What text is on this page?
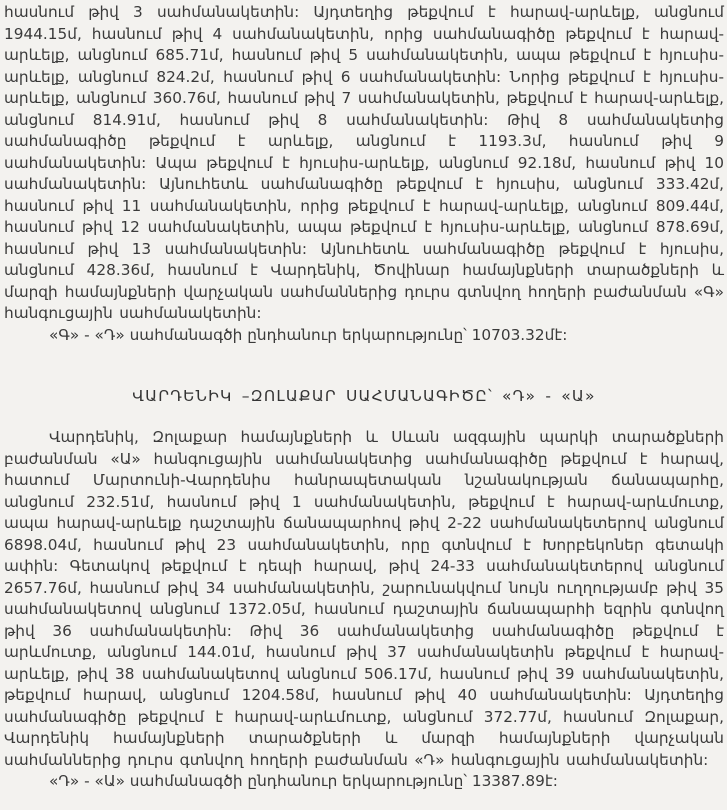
հասնում թիվ 3 սահմանակետին: Այդտեղից թեքվում է հարավ-արևելք, անցնում 1944.15մ, հասնում թիվ 4 սահմանակետին, որից սահմանագիծը թեքվում է հարավ-արևելք, անցնում 685.71մ, հասնում թիվ 5 սահմանակետին, ապա թեքվում է հյուսիս-արևելք, անցնում 824.2մ, հասնում թիվ 6 սահմանակետին: Նորից թեքվում է հյուսիս-արևելք, անցնում 360.76մ, հասնում թիվ 7 սահմանակետին, թեքվում է հարավ-արևելք, անցնում 814.91մ, հասնում թիվ 8 սահմանակետին: Թիվ 8 սահմանակետից սահմանագիծը թեքվում է արևելք, անցնում է 1193.3մ, հասնում թիվ 9 սահմանակետին: Ապա թեքվում է հյուսիս-արևելք, անցնում 92.18մ, հասնում թիվ 10 սահմանակետին: Այնուհետև սահմանագիծը թեքվում է հյուսիս, անցնում 333.42մ, հասնում թիվ 11 սահմանակետին, որից թեքվում է հարավ-արևելք, անցնում 809.44մ, հասնում թիվ 12 սահմանակետին, ապա թեքվում է հյուսիս-արևելք, անցնում 878.69մ, հասնում թիվ 13 սահմանակետին: Այնուհետև սահմանագիծը թեքվում է հյուսիս, անցնում 428.36մ, հասնում է Վարդենիկ, Ծովինար համայնքների տարածքների և մարզի համայնքների վարչական սահմաններից դուրս գտնվող հողերի բաժանման «Գ» հանգուցային սահմանակետին:

«Գ» - «Դ» սահմանագծի ընդհանուր երկարությունը՝ 10703.32մէ:

ՎԱՐԴԵՆԻԿ –ԶՈԼԱՔԱՐ ՍԱՀՄԱՆԱԳԻԾԸ՝ «Դ» - «Ա»

Վարդենիկ, Զոլաքար համայնքների և Սևան ազգային պարկի տարածքների բաժանման «Ա» հանգուցային սահմանակետից սահմանագիծը թեքվում է հարավ, հատում Մարտունի-Վարդենիս հանրապետական նշանակության ճանապարհը, անցնում 232.51մ, հասնում թիվ 1 սահմանակետին, թեքվում է հարավ-արևմուտք, ապա հարավ-արևելք դաշտային ճանապարհով թիվ 2-22 սահմանակետերով անցնում 6898.04մ, հասնում թիվ 23 սահմանակետին, որը գտնվում է Խորբեկոներ գետակի ափին: Գետակով թեքվում է դեպի հարավ, թիվ 24-33 սահմանակետերով անցնում 2657.76մ, հասնում թիվ 34 սահմանակետին, շարունակվում նույն ուղղությամբ թիվ 35 սահմանակետով անցնում 1372.05մ, հասնում դաշտային ճանապարհի եզրին գտնվող թիվ 36 սահմանակետին: Թիվ 36 սահմանակետից սահմանագիծը թեքվում է արևմուտք, անցնում 144.01մ, հասնում թիվ 37 սահմանակետին թեքվում է հարավ-արևելք, թիվ 38 սահմանակետով անցնում 506.17մ, հասնում թիվ 39 սահմանակետին, թեքվում հարավ, անցնում 1204.58մ, հասնում թիվ 40 սահմանակետին: Այդտեղից սահմանագիծը թեքվում է հարավ-արևմուտք, անցնում 372.77մ, հասնում Զոլաքար, Վարդենիկ համայնքների տարածքների և մարզի համայնքների վարչական սահմաններից դուրս գտնվող հողերի բաժանման «Դ» հանգուցային սահմանակետին:

«Դ» - «Ա» սահմանագծի ընդհանուր երկարությունը՝ 13387.89է:
